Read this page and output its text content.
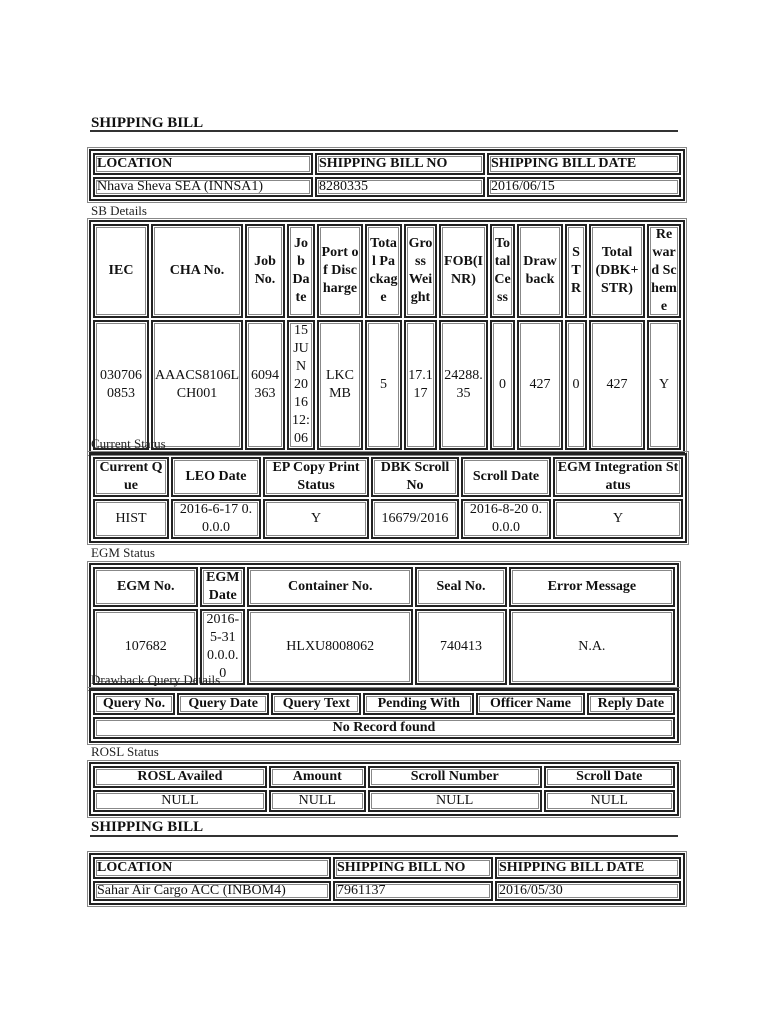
SHIPPING BILL
LOCATION	SHIPPING BILL NO	SHIPPING BILL DATE
Nhava Sheva SEA (INNSA1)	8280335	2016/06/15
SB Details
IEC	CHA No.	Job No.	Job Date	Port of Discharge	Total Package	Gross Weight	FOB(INR)	Total Cess	Drawback	STR	Total (DBK+STR)	Reward Scheme
0307060853	AAACS8106LCH001	6094363	15 JUN 2016 12:06	LKCMB	5	17.117	24288.35	0	427	0	427	Y
Current Status
Current Que	LEO Date	EP Copy Print Status	DBK Scroll No	Scroll Date	EGM Integration Status
HIST	2016-6-17 0.0.0.0	Y	16679/2016	2016-8-20 0.0.0.0	Y
EGM Status
EGM No.	EGM Date	Container No.	Seal No.	Error Message
107682	2016-5-31 0.0.0.0	HLXU8008062	740413	N.A.
Drawback Query Details
Query No.	Query Date	Query Text	Pending With	Officer Name	Reply Date
No Record found
ROSL Status
ROSL Availed	Amount	Scroll Number	Scroll Date
NULL	NULL	NULL	NULL
SHIPPING BILL
LOCATION	SHIPPING BILL NO	SHIPPING BILL DATE
Sahar Air Cargo ACC (INBOM4)	7961137	2016/05/30
